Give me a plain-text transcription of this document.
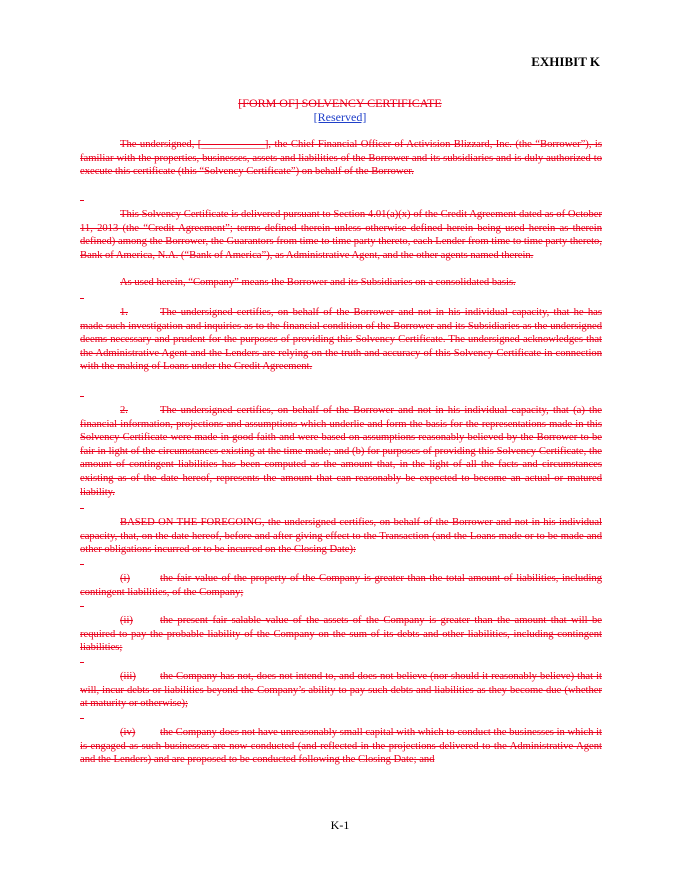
EXHIBIT K
[FORM OF] SOLVENCY CERTIFICATE
[Reserved]
The undersigned, [____________], the Chief Financial Officer of Activision Blizzard, Inc. (the “Borrower”), is familiar with the properties, businesses, assets and liabilities of the Borrower and its subsidiaries and is duly authorized to execute this certificate (this “Solvency Certificate”) on behalf of the Borrower.
This Solvency Certificate is delivered pursuant to Section 4.01(a)(x) of the Credit Agreement dated as of October 11, 2013 (the “Credit Agreement”; terms defined therein unless otherwise defined herein being used herein as therein defined) among the Borrower, the Guarantors from time to time party thereto, each Lender from time to time party thereto, Bank of America, N.A. (“Bank of America”), as Administrative Agent, and the other agents named therein.
As used herein, “Company” means the Borrower and its Subsidiaries on a consolidated basis.
1.	The undersigned certifies, on behalf of the Borrower and not in his individual capacity, that he has made such investigation and inquiries as to the financial condition of the Borrower and its Subsidiaries as the undersigned deems necessary and prudent for the purposes of providing this Solvency Certificate. The undersigned acknowledges that the Administrative Agent and the Lenders are relying on the truth and accuracy of this Solvency Certificate in connection with the making of Loans under the Credit Agreement.
2.	The undersigned certifies, on behalf of the Borrower and not in his individual capacity, that (a) the financial information, projections and assumptions which underlie and form the basis for the representations made in this Solvency Certificate were made in good faith and were based on assumptions reasonably believed by the Borrower to be fair in light of the circumstances existing at the time made; and (b) for purposes of providing this Solvency Certificate, the amount of contingent liabilities has been computed as the amount that, in the light of all the facts and circumstances existing as of the date hereof, represents the amount that can reasonably be expected to become an actual or matured liability.
BASED ON THE FOREGOING, the undersigned certifies, on behalf of the Borrower and not in his individual capacity, that, on the date hereof, before and after giving effect to the Transaction (and the Loans made or to be made and other obligations incurred or to be incurred on the Closing Date):
(i)	the fair value of the property of the Company is greater than the total amount of liabilities, including contingent liabilities, of the Company;
(ii)	the present fair salable value of the assets of the Company is greater than the amount that will be required to pay the probable liability of the Company on the sum of its debts and other liabilities, including contingent liabilities;
(iii) the Company has not, does not intend to, and does not believe (nor should it reasonably believe) that it will, incur debts or liabilities beyond the Company’s ability to pay such debts and liabilities as they become due (whether at maturity or otherwise);
(iv) the Company does not have unreasonably small capital with which to conduct the businesses in which it is engaged as such businesses are now conducted (and reflected in the projections delivered to the Administrative Agent and the Lenders) and are proposed to be conducted following the Closing Date; and
K-1
